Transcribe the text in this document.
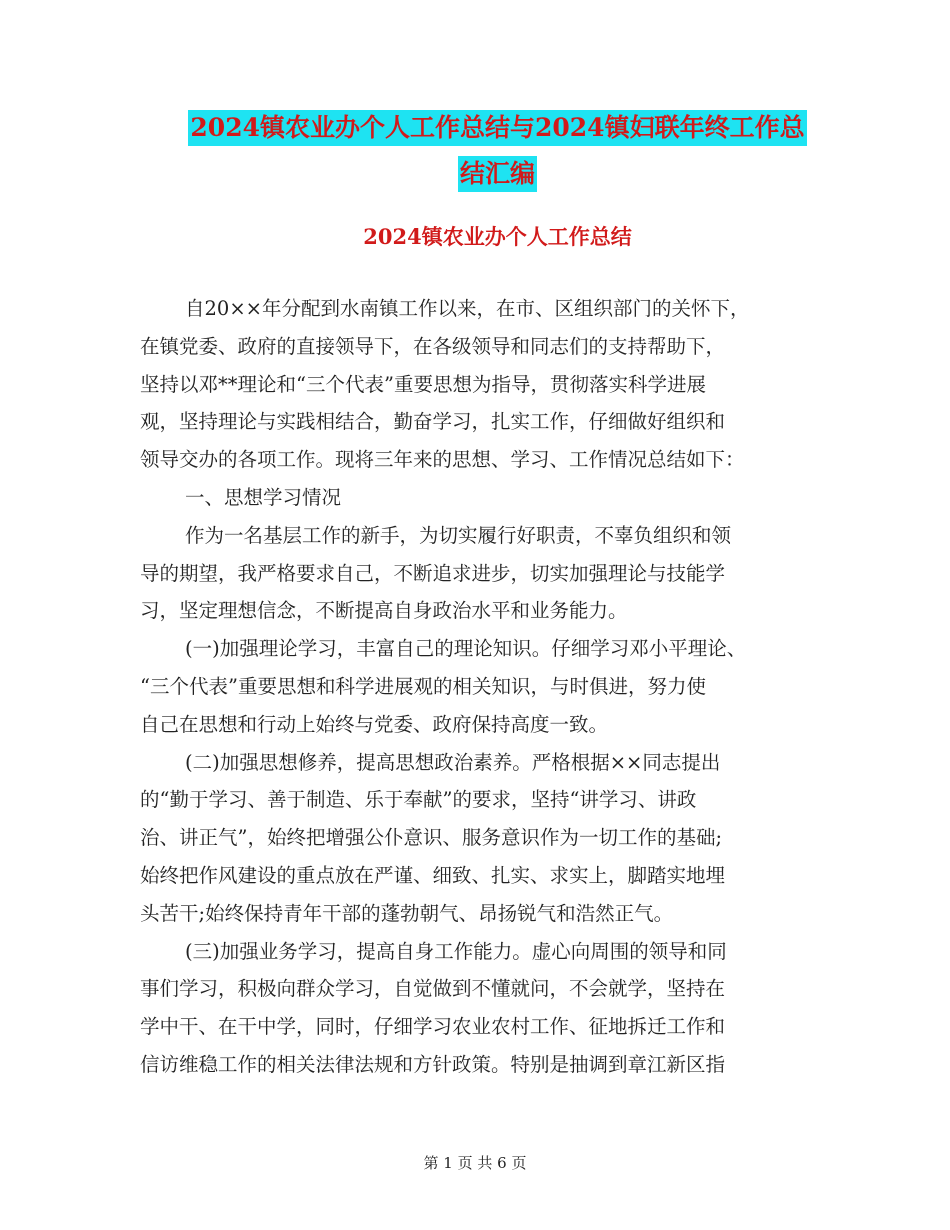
2024镇农业办个人工作总结与2024镇妇联年终工作总
结汇编
2024镇农业办个人工作总结
自20××年分配到水南镇工作以来，在市、区组织部门的关怀下，
在镇党委、政府的直接领导下，在各级领导和同志们的支持帮助下，
坚持以邓**理论和“三个代表”重要思想为指导，贯彻落实科学进展
观，坚持理论与实践相结合，勤奋学习，扎实工作，仔细做好组织和
领导交办的各项工作。现将三年来的思想、学习、工作情况总结如下：
一、思想学习情况
作为一名基层工作的新手，为切实履行好职责，不辜负组织和领
导的期望，我严格要求自己，不断追求进步，切实加强理论与技能学
习，坚定理想信念，不断提高自身政治水平和业务能力。
(一)加强理论学习，丰富自己的理论知识。仔细学习邓小平理论、
“三个代表”重要思想和科学进展观的相关知识，与时俱进，努力使
自己在思想和行动上始终与党委、政府保持高度一致。
(二)加强思想修养，提高思想政治素养。严格根据××同志提出
的“勤于学习、善于制造、乐于奉献”的要求，坚持“讲学习、讲政
治、讲正气”，始终把增强公仆意识、服务意识作为一切工作的基础;
始终把作风建设的重点放在严谨、细致、扎实、求实上，脚踏实地埋
头苦干;始终保持青年干部的蓬勃朝气、昂扬锐气和浩然正气。
(三)加强业务学习，提高自身工作能力。虚心向周围的领导和同
事们学习，积极向群众学习，自觉做到不懂就问，不会就学，坚持在
学中干、在干中学，同时，仔细学习农业农村工作、征地拆迁工作和
信访维稳工作的相关法律法规和方针政策。特别是抽调到章江新区指
第 1 页 共 6 页
